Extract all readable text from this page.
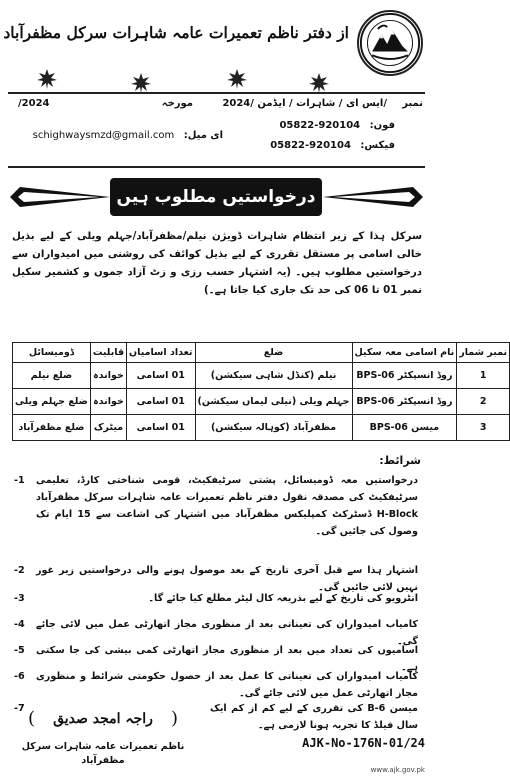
از دفتر ناظم تعمیرات عامہ شاہرات سرکل مظفرآباد
نمبر
/ایس ای / شاہرات / ایڈمن /2024
مورخہ
/2024
فون: 05822-920104
فیکس: 05822-920104
ای میل: schighwaysmzd@gmail.com
درخواستیں مطلوب ہیں
سرکل ہذا کے زیر انتظام شاہرات ڈویژن نیلم/مظفرآباد/جہلم ویلی کے لیے بذیل خالی اسامی پر مستقل تقرری کے لیے بذیل کوائف کی روشنی میں امیدواران سے درخواستیں مطلوب ہیں۔ (یہ اشتہار حسب رزی و زٹ آزاد جموں و کشمیر سکیل نمبر 01 تا 06 کی حد تک جاری کیا جاتا ہے۔)
نمبر شمار	نام اسامی معہ سکیل	ضلع	تعداد اسامیاں	قابلیت	ڈومیسائل
1	روڈ انسپکٹر BPS-06	نیلم (کنڈل شاہی سیکشن)	01 اسامی	خواندہ	ضلع نیلم
2	روڈ انسپکٹر BPS-06	جہلم ویلی (نیلی لیماں سیکشن)	01 اسامی	خواندہ	ضلع جہلم ویلی
3	میسن BPS-06	مظفرآباد (کوہالہ سیکشن)	01 اسامی	میٹرک	ضلع مظفرآباد
شرائط:
-1	درخواستیں معہ ڈومیسائل، پشتی سرٹیفکیٹ، قومی شناختی کارڈ، تعلیمی سرٹیفکیٹ کی مصدقہ نقول دفتر ناظم تعمیرات عامہ شاہرات سرکل مظفرآباد H-Block ڈسٹرکٹ کمپلیکس مظفرآباد میں اشتہار کی اشاعت سے 15 ایام تک وصول کی جائیں گی۔
-2	اشتہار ہذا سے قبل آخری تاریخ کے بعد موصول ہونے والی درخواستیں زیر غور نہیں لائی جائیں گی۔
-3	انٹرویو کی تاریخ کے لیے بذریعہ کال لیٹر مطلع کیا جائے گا۔
-4	کامیاب امیدواران کی تعیناتی بعد از منظوری مجاز اتھارٹی عمل میں لائی جائے گی۔
-5	اسامیوں کی تعداد میں بعد از منظوری مجاز اتھارٹی کمی بیشی کی جا سکتی ہے۔
-6	کامیاب امیدواران کی تعیناتی کا عمل بعد از حصول حکومتی شرائط و منظوری مجاز اتھارٹی عمل میں لائی جائے گی۔
-7	میسن B-6 کی تقرری کے لیے کم از کم ایک سال فیلڈ کا تجربہ ہونا لازمی ہے۔
(
راجہ امجد صدیق
)
ناظم تعمیرات عامہ شاہرات سرکل مظفرآباد
AJK-No-176N-01/24
www.ajk.gov.pk
